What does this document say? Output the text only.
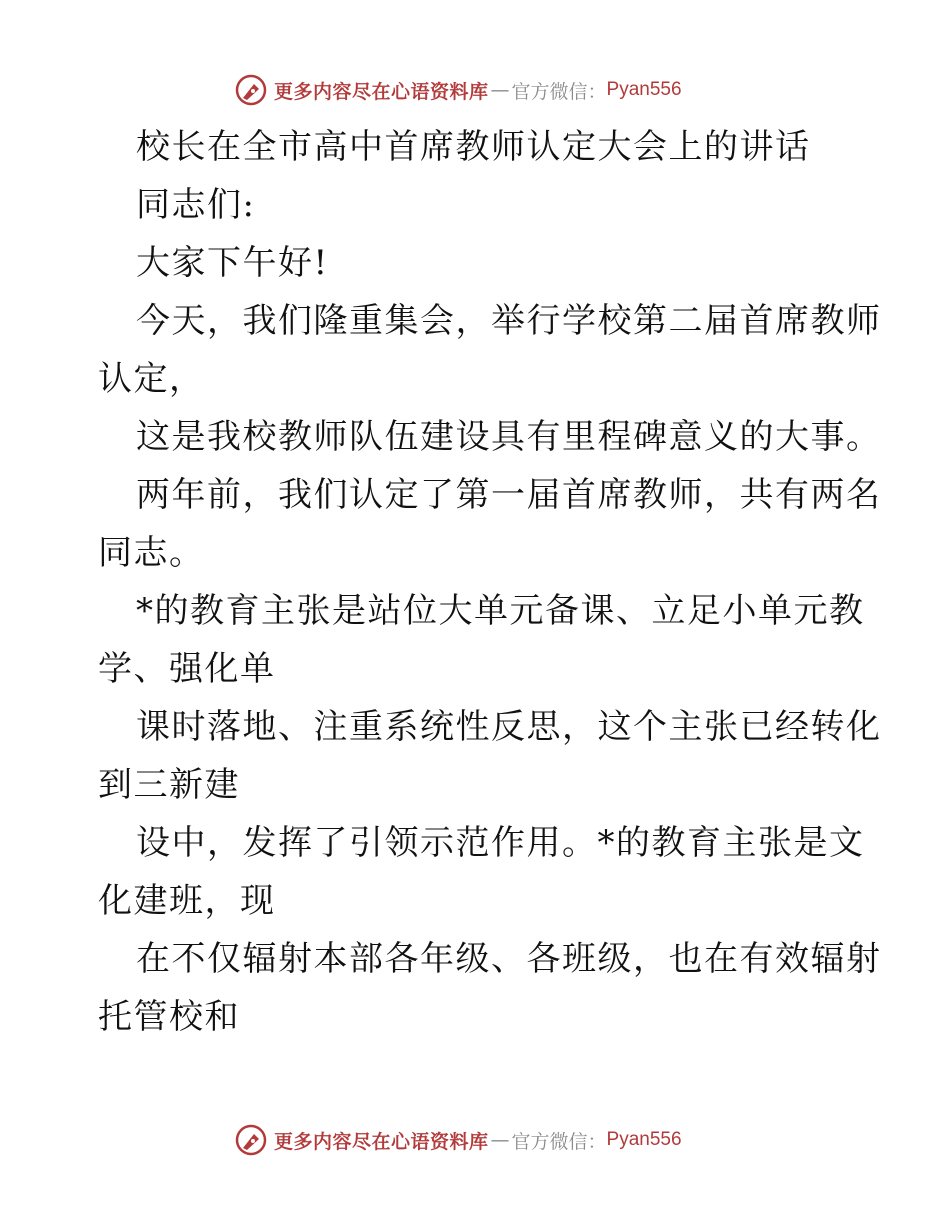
更多内容尽在心语资料库 — 官方微信： Pyan556
校长在全市高中首席教师认定大会上的讲话
同志们:
大家下午好!
今天，我们隆重集会，举行学校第二届首席教师
认定，
这是我校教师队伍建设具有里程碑意义的大事。
两年前，我们认定了第一届首席教师，共有两名
同志。
*的教育主张是站位大单元备课、立足小单元教
学、强化单
课时落地、注重系统性反思，这个主张已经转化
到三新建
设中，发挥了引领示范作用。*的教育主张是文
化建班，现
在不仅辐射本部各年级、各班级，也在有效辐射
托管校和
更多内容尽在心语资料库 — 官方微信： Pyan556
